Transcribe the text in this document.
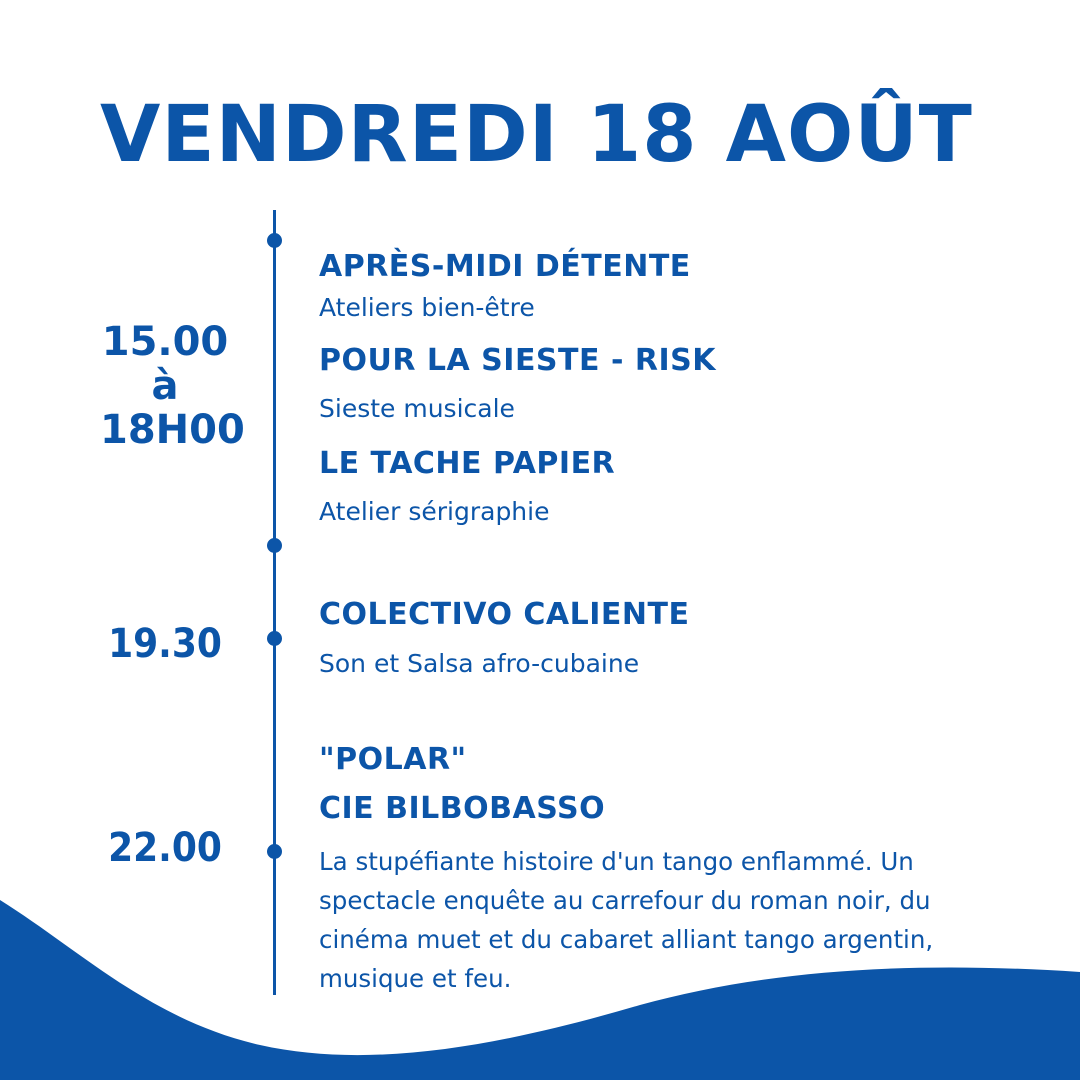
VENDREDI 18 AOÛT
15.00
à
18H00
APRÈS-MIDI DÉTENTE

Ateliers bien-être

POUR LA SIESTE - RISK

Sieste musicale

LE TACHE PAPIER

Atelier sérigraphie

19.30
COLECTIVO CALIENTE

Son et Salsa afro-cubaine

22.00
"POLAR"
CIE BILBOBASSO

La stupéfiante histoire d'un tango enflammé. Un spectacle enquête au carrefour du roman noir, du cinéma muet et du cabaret alliant tango argentin, musique et feu.
